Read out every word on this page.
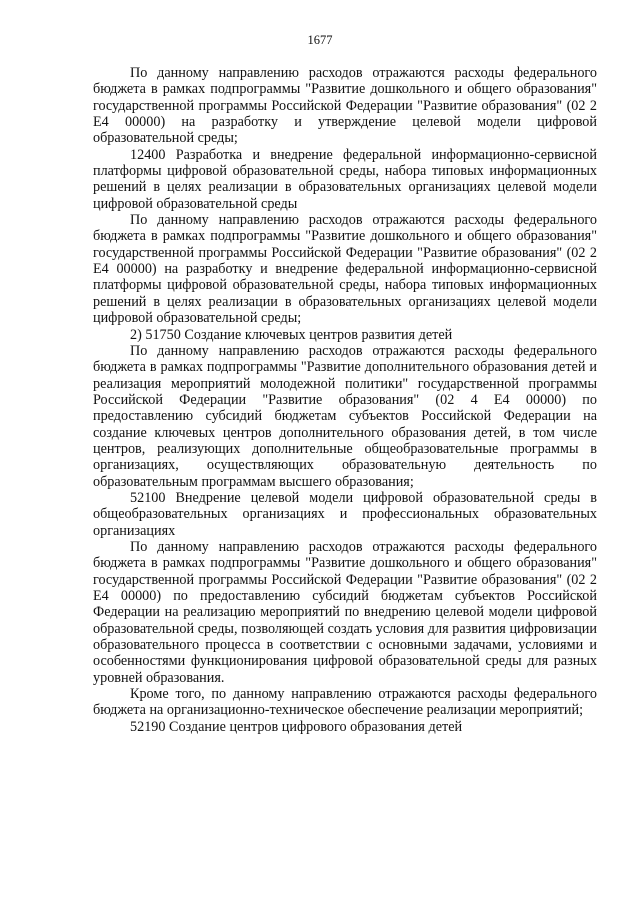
1677

По данному направлению расходов отражаются расходы федерального бюджета в рамках подпрограммы "Развитие дошкольного и общего образования" государственной программы Российской Федерации "Развитие образования" (02 2 Е4 00000) на разработку и утверждение целевой модели цифровой образовательной среды;

12400 Разработка и внедрение федеральной информационно-сервисной платформы цифровой образовательной среды, набора типовых информационных решений в целях реализации в образовательных организациях целевой модели цифровой образовательной среды

По данному направлению расходов отражаются расходы федерального бюджета в рамках подпрограммы "Развитие дошкольного и общего образования" государственной программы Российской Федерации "Развитие образования" (02 2 Е4 00000) на разработку и внедрение федеральной информационно-сервисной платформы цифровой образовательной среды, набора типовых информационных решений в целях реализации в образовательных организациях целевой модели цифровой образовательной среды;

2) 51750 Создание ключевых центров развития детей

По данному направлению расходов отражаются расходы федерального бюджета в рамках подпрограммы "Развитие дополнительного образования детей и реализация мероприятий молодежной политики" государственной программы Российской Федерации "Развитие образования" (02 4 Е4 00000) по предоставлению субсидий бюджетам субъектов Российской Федерации на создание ключевых центров дополнительного образования детей, в том числе центров, реализующих дополнительные общеобразовательные программы в организациях, осуществляющих образовательную деятельность по образовательным программам высшего образования;

52100 Внедрение целевой модели цифровой образовательной среды в общеобразовательных организациях и профессиональных образовательных организациях

По данному направлению расходов отражаются расходы федерального бюджета в рамках подпрограммы "Развитие дошкольного и общего образования" государственной программы Российской Федерации "Развитие образования" (02 2 Е4 00000) по предоставлению субсидий бюджетам субъектов Российской Федерации на реализацию мероприятий по внедрению целевой модели цифровой образовательной среды, позволяющей создать условия для развития цифровизации образовательного процесса в соответствии с основными задачами, условиями и особенностями функционирования цифровой образовательной среды для разных уровней образования.

Кроме того, по данному направлению отражаются расходы федерального бюджета на организационно-техническое обеспечение реализации мероприятий;

52190 Создание центров цифрового образования детей
